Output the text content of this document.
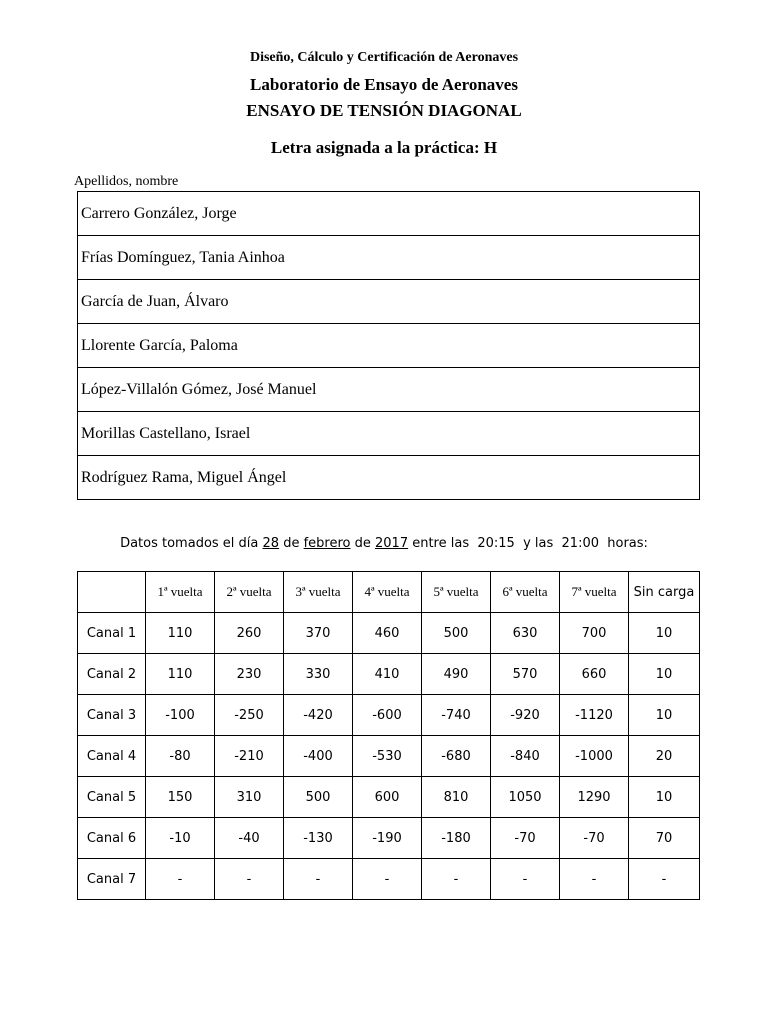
Diseño, Cálculo y Certificación de Aeronaves
Laboratorio de Ensayo de Aeronaves
ENSAYO DE TENSIÓN DIAGONAL
Letra asignada a la práctica: H
Apellidos, nombre
Carrero González, Jorge
Frías Domínguez, Tania Ainhoa
García de Juan, Álvaro
Llorente García, Paloma
López-Villalón Gómez, José Manuel
Morillas Castellano, Israel
Rodríguez Rama, Miguel Ángel
Datos tomados el día 28 de febrero de 2017 entre las  20:15  y las  21:00  horas:
	1ª vuelta	2ª vuelta	3ª vuelta	4ª vuelta	5ª vuelta	6ª vuelta	7ª vuelta	Sin carga
Canal 1	110	260	370	460	500	630	700	10
Canal 2	110	230	330	410	490	570	660	10
Canal 3	-100	-250	-420	-600	-740	-920	-1120	10
Canal 4	-80	-210	-400	-530	-680	-840	-1000	20
Canal 5	150	310	500	600	810	1050	1290	10
Canal 6	-10	-40	-130	-190	-180	-70	-70	70
Canal 7	-	-	-	-	-	-	-	-
